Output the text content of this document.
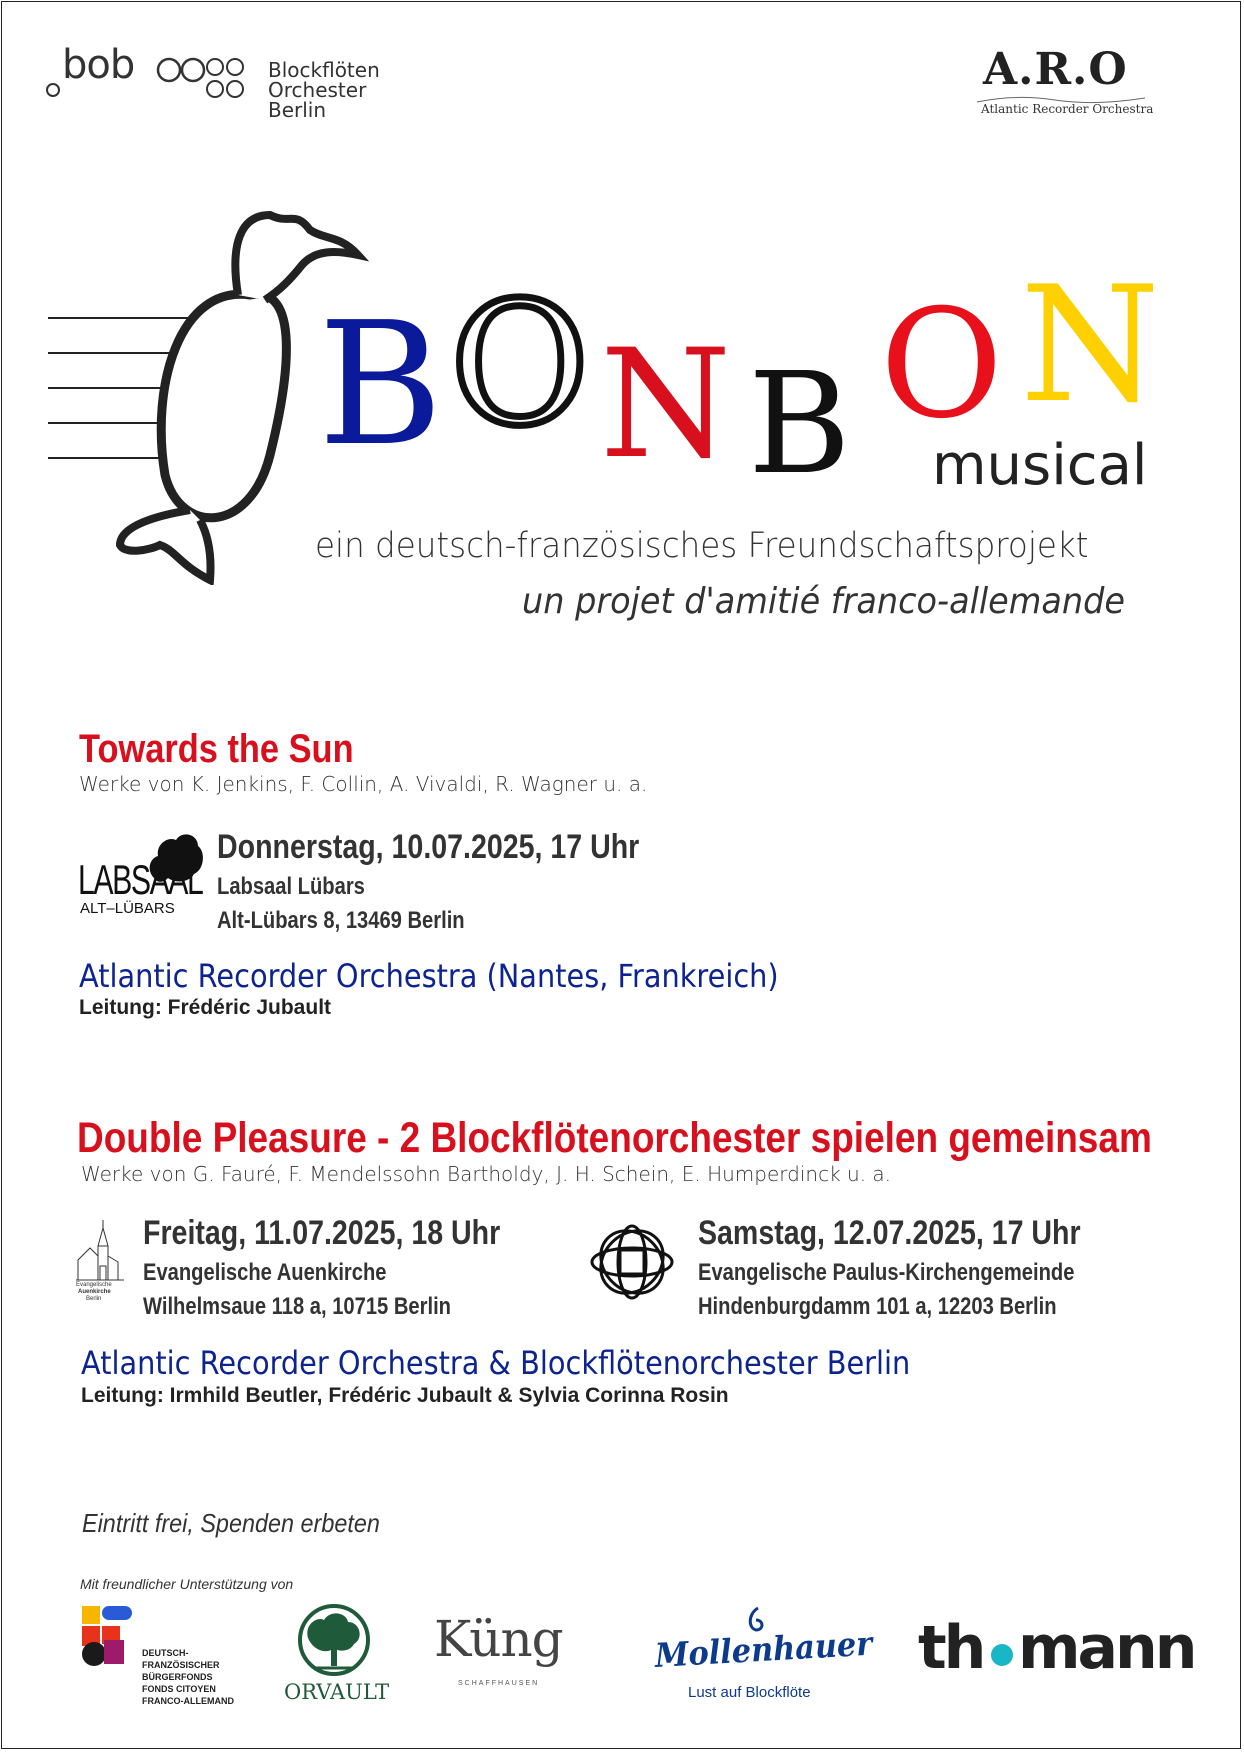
bob	Blockflöten
Orchester
Berlin
A.R.O
Atlantic Recorder Orchestra
B O N B O N
musical
ein deutsch-französisches Freundschaftsprojekt
un projet d'amitié franco-allemande
Towards the Sun
Werke von K. Jenkins, F. Collin, A. Vivaldi, R. Wagner u. a.
LABSAAL
ALT–LÜBARS
Donnerstag, 10.07.2025, 17 Uhr
Labsaal Lübars
Alt-Lübars 8, 13469 Berlin
Atlantic Recorder Orchestra (Nantes, Frankreich)
Leitung: Frédéric Jubault
Double Pleasure - 2 Blockflötenorchester spielen gemeinsam
Werke von G. Fauré, F. Mendelssohn Bartholdy, J. H. Schein, E. Humperdinck u. a.
Evangelische
Auenkirche
Berlin
Freitag, 11.07.2025, 18 Uhr
Evangelische Auenkirche
Wilhelmsaue 118 a, 10715 Berlin
Samstag, 12.07.2025, 17 Uhr
Evangelische Paulus-Kirchengemeinde
Hindenburgdamm 101 a, 12203 Berlin
Atlantic Recorder Orchestra & Blockflötenorchester Berlin
Leitung: Irmhild Beutler, Frédéric Jubault & Sylvia Corinna Rosin
Eintritt frei, Spenden erbeten
Mit freundlicher Unterstützung von
DEUTSCH-
FRANZÖSISCHER
BÜRGERFONDS
FONDS CITOYEN
FRANCO-ALLEMAND ORVAULT
Küng
SCHAFFHAUSEN
Mollenhauer
Lust auf Blockflöte
th mann
